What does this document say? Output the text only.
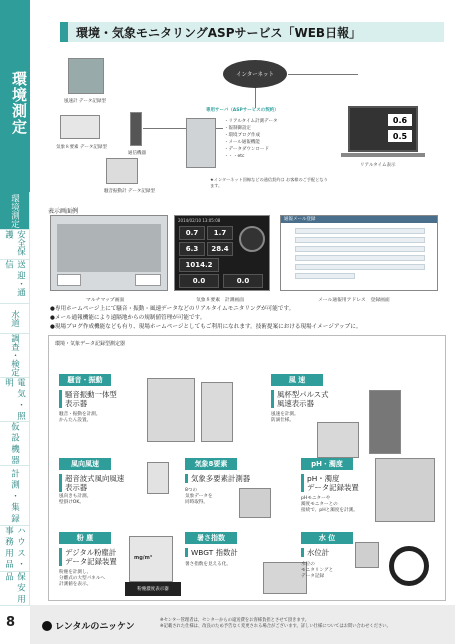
環境測定
環境測定
安全保護
送 迎・通 信
水道
調查・検定
電 気 ・ 照 明
仮 設 機 器
計 測 ・ 集 録
ハ ウ ス ・ 事 務 用 品
保 安 用 品
8
環境・気象モニタリングASPサービス「WEB日報」
風速計 データ記録型
気象８要素 データ記録型
通信機器
騒音振動計 データ記録型
インターネット
専用サーバ（ASPサービスの契約）
・リアルタイム計測データ
・報制御設定
・環境ブログ作成
・メール通報機能
・データダウンロード
・・・etc
★インターネット回線などの通信契約は お客様のご手配となります。
0.6
0.5
リアルタイム表示
表示画面例
マルチマップ画面
2014/02/10 13:05:08
0.7	1.7
6.3	28.4
1014.2
0.0	0.0
気象８要素　計測画面
通報メール登録
メール通報用アドレス　登録画面
●専用ホームページ上にて騒音・振動・風速データなどのリアルタイムモニタリングが可能です。
●メール通報機能により遠隔地からの規制値管理が可能です。
●現場ブログ作成機能なども有り、現場ホームページとしてもご利用になれます。技術提案における現場イメージアップに。
環境・気象データ記録型測定器
騒音・振動
騒音振動一体型
表示器
騒音・振動を計測。
かんたん設置。
風 速
風杯型パルス式
風速表示器
風速を計測。
防滴仕様。
風向風速
超音波式風向風速
表示器
風向きも計測。
壁掛けOK。
気象8要素
気象多要素計測器
8つの
気象データを
同時取得。
pH・濁度
pH・濁度
データ記録装置
pHモニターや
濁度モニターとの
接続で、pHと濁度を計測。
粉 塵
デジタル粉塵計
データ記録装置
粉塵を計測し、
分離式の大型パネルへ
計測値を表示。
mg/m³
粉塵濃度表示器
暑さ指数
WBGT 指数計
暑さ指数を見える化。
水 位
水位計
水位の
モニタリングと
データ記録
レンタルのニッケン
※センター管理者は、センターからの遠送費をお客様負担とさせて頂きます。
※記載された仕様は、改良のため予告なく変更される場合がございます。詳しい仕様についてはお問い合わせください。
